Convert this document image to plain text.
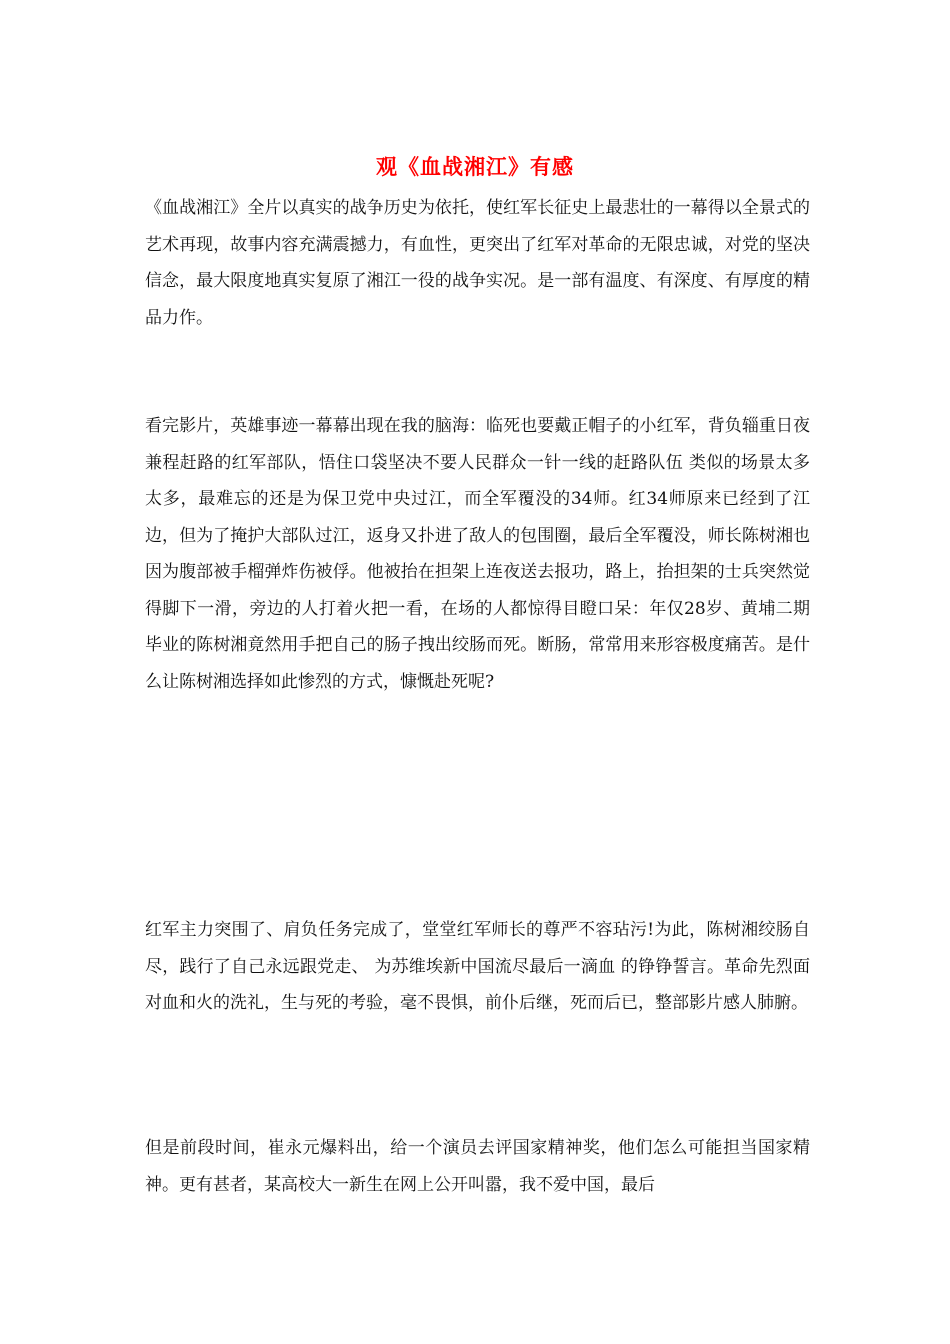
观《血战湘江》有感

《血战湘江》全片以真实的战争历史为依托，使红军长征史上最悲壮的一幕得以全景式的艺术再现，故事内容充满震撼力，有血性，更突出了红军对革命的无限忠诚，对党的坚决信念，最大限度地真实复原了湘江一役的战争实况。是一部有温度、有深度、有厚度的精品力作。

看完影片，英雄事迹一幕幕出现在我的脑海：临死也要戴正帽子的小红军，背负辎重日夜兼程赶路的红军部队，悟住口袋坚决不要人民群众一针一线的赶路队伍 类似的场景太多太多，最难忘的还是为保卫党中央过江，而全军覆没的34师。红34师原来已经到了江边，但为了掩护大部队过江，返身又扑进了敌人的包围圈，最后全军覆没，师长陈树湘也因为腹部被手榴弹炸伤被俘。他被抬在担架上连夜送去报功，路上，抬担架的士兵突然觉得脚下一滑，旁边的人打着火把一看，在场的人都惊得目瞪口呆：年仅28岁、黄埔二期毕业的陈树湘竟然用手把自己的肠子拽出绞肠而死。断肠，常常用来形容极度痛苦。是什么让陈树湘选择如此惨烈的方式，慷慨赴死呢?

红军主力突围了、肩负任务完成了，堂堂红军师长的尊严不容玷污!为此，陈树湘绞肠自尽，践行了自己永远跟党走、 为苏维埃新中国流尽最后一滴血 的铮铮誓言。革命先烈面对血和火的洗礼，生与死的考验，毫不畏惧，前仆后继，死而后已，整部影片感人肺腑。

但是前段时间，崔永元爆料出，给一个演员去评国家精神奖，他们怎么可能担当国家精神。更有甚者，某高校大一新生在网上公开叫嚣，我不爱中国，最后
